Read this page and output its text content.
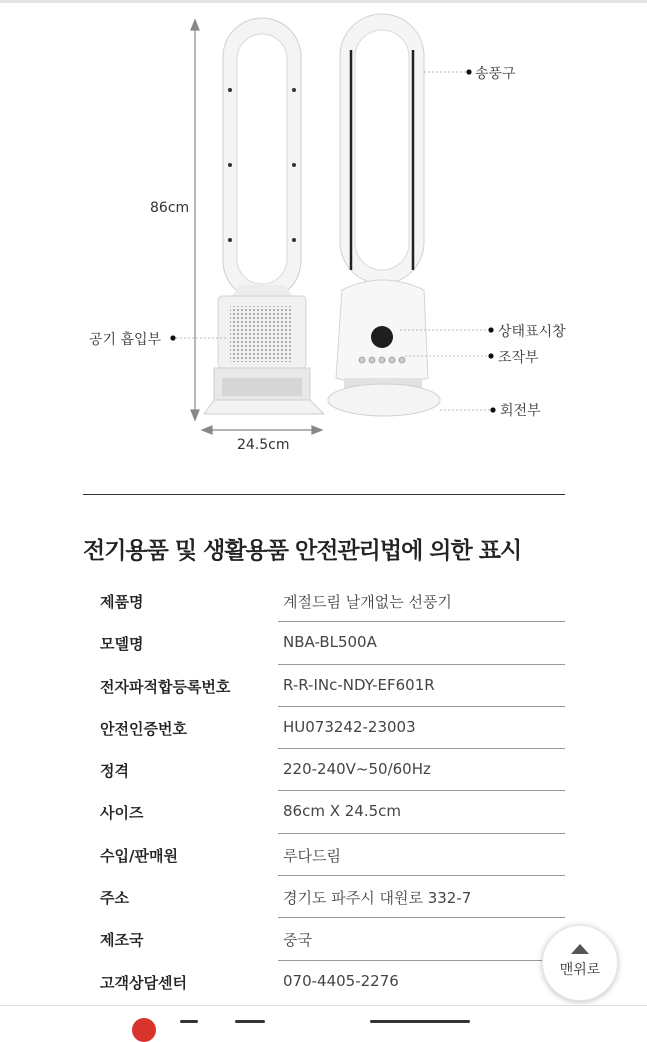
86cm
24.5cm
송풍구
공기 흡입부	상태표시창
조작부
회전부
전기용품 및 생활용품 안전관리법에 의한 표시
제품명	계절드림 날개없는 선풍기
모델명	NBA-BL500A
전자파적합등록번호	R-R-INc-NDY-EF601R
안전인증번호	HU073242-23003
정격	220-240V~50/60Hz
사이즈	86cm X 24.5cm
수입/판매원	루다드림
주소	경기도 파주시 대원로 332-7
제조국	중국
고객상담센터	070-4405-2276
맨위로
